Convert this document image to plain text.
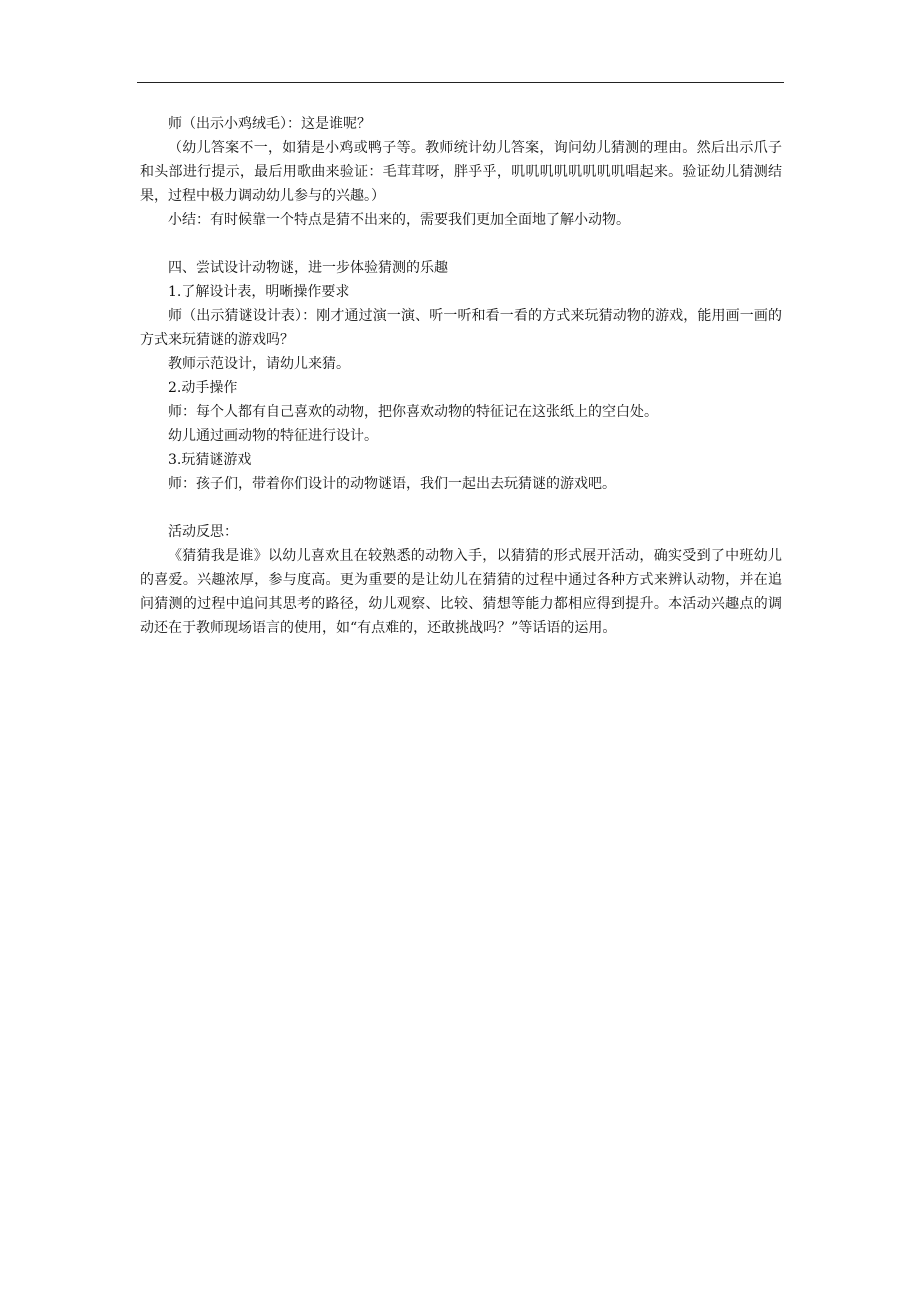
师（出示小鸡绒毛）：这是谁呢？

（幼儿答案不一，如猜是小鸡或鸭子等。教师统计幼儿答案，询问幼儿猜测的理由。然后出示爪子和头部进行提示，最后用歌曲来验证：毛茸茸呀，胖乎乎，叽叽叽叽叽叽叽叽唱起来。验证幼儿猜测结果，过程中极力调动幼儿参与的兴趣。）

小结：有时候靠一个特点是猜不出来的，需要我们更加全面地了解小动物。

四、尝试设计动物谜，进一步体验猜测的乐趣

1.了解设计表，明晰操作要求

师（出示猜谜设计表）：刚才通过演一演、听一听和看一看的方式来玩猜动物的游戏，能用画一画的方式来玩猜谜的游戏吗？

教师示范设计，请幼儿来猜。

2.动手操作

师：每个人都有自己喜欢的动物，把你喜欢动物的特征记在这张纸上的空白处。

幼儿通过画动物的特征进行设计。

3.玩猜谜游戏

师：孩子们，带着你们设计的动物谜语，我们一起出去玩猜谜的游戏吧。

活动反思：

《猜猜我是谁》以幼儿喜欢且在较熟悉的动物入手，以猜猜的形式展开活动，确实受到了中班幼儿的喜爱。兴趣浓厚，参与度高。更为重要的是让幼儿在猜猜的过程中通过各种方式来辨认动物，并在追问猜测的过程中追问其思考的路径，幼儿观察、比较、猜想等能力都相应得到提升。本活动兴趣点的调动还在于教师现场语言的使用，如“有点难的，还敢挑战吗？”等话语的运用。
